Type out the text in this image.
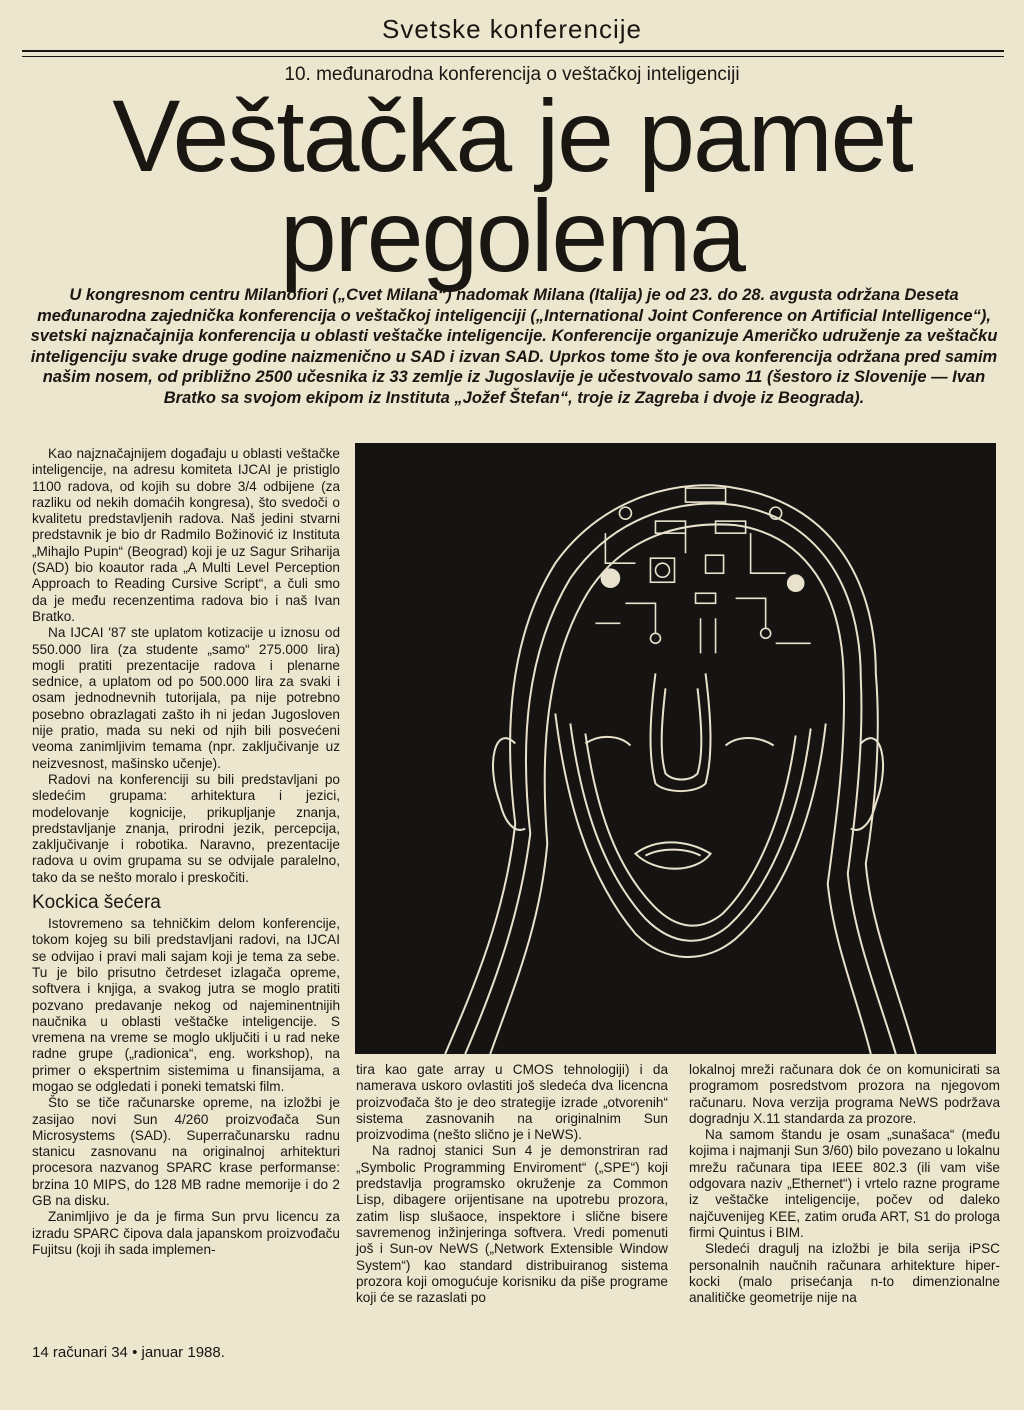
Svetske konferencije
10. međunarodna konferencija o veštačkoj inteligenciji
Veštačka je pamet
pregolema
U kongresnom centru Milanofiori („Cvet Milana“) nadomak Milana (Italija) je od 23. do 28. avgusta održana Deseta međunarodna zajednička konferencija o veštačkoj inteligenciji („International Joint Conference on Artificial Intelligence“), svetski najznačajnija konferencija u oblasti veštačke inteligencije. Konferencije organizuje Američko udruženje za veštačku inteligenciju svake druge godine naizmenično u SAD i izvan SAD. Uprkos tome što je ova konferencija održana pred samim našim nosem, od približno 2500 učesnika iz 33 zemlje iz Jugoslavije je učestvovalo samo 11 (šestoro iz Slovenije — Ivan Bratko sa svojom ekipom iz Instituta „Jožef Štefan“, troje iz Zagreba i dvoje iz Beograda).

Kao najznačajnijem događaju u oblasti veštačke inteligencije, na adresu komiteta IJCAI je pristiglo 1100 radova, od kojih su dobre 3/4 odbijene (za razliku od nekih domaćih kongresa), što svedoči o kvalitetu predstavljenih radova. Naš jedini stvarni predstavnik je bio dr Radmilo Božinović iz Instituta „Mihajlo Pupin“ (Beograd) koji je uz Sagur Sriharija (SAD) bio koautor rada „A Multi Level Perception Approach to Reading Cursive Script“, a čuli smo da je među recenzentima radova bio i naš Ivan Bratko.

Na IJCAI '87 ste uplatom kotizacije u iznosu od 550.000 lira (za studente „samo“ 275.000 lira) mogli pratiti prezentacije radova i plenarne sednice, a uplatom od po 500.000 lira za svaki i osam jednodnevnih tutorijala, pa nije potrebno posebno obrazlagati zašto ih ni jedan Jugosloven nije pratio, mada su neki od njih bili posvećeni veoma zanimljivim temama (npr. zaključivanje uz neizvesnost, mašinsko učenje).

Radovi na konferenciji su bili predstavljani po sledećim grupama: arhitektura i jezici, modelovanje kognicije, prikupljanje znanja, predstavljanje znanja, prirodni jezik, percepcija, zaključivanje i robotika. Naravno, prezentacije radova u ovim grupama su se odvijale paralelno, tako da se nešto moralo i preskočiti.

Kockica šećera

Istovremeno sa tehničkim delom konferencije, tokom kojeg su bili predstavljani radovi, na IJCAI se odvijao i pravi mali sajam koji je tema za sebe. Tu je bilo prisutno četrdeset izlagača opreme, softvera i knjiga, a svakog jutra se moglo pratiti pozvano predavanje nekog od najeminentnijih naučnika u oblasti veštačke inteligencije. S vremena na vreme se moglo uključiti i u rad neke radne grupe („radionica“, eng. workshop), na primer o ekspertnim sistemima u finansijama, a mogao se odgledati i poneki tematski film.

Što se tiče računarske opreme, na izložbi je zasijao novi Sun 4/260 proizvođača Sun Microsystems (SAD). Superračunarsku radnu stanicu zasnovanu na originalnoj arhitekturi procesora nazvanog SPARC krase performanse: brzina 10 MIPS, do 128 MB radne memorije i do 2 GB na disku.

Zanimljivo je da je firma Sun prvu licencu za izradu SPARC čipova dala japanskom proizvođaču Fujitsu (koji ih sada implemen-

tira kao gate array u CMOS tehnologiji) i da namerava uskoro ovlastiti još sledeća dva licencna proizvođača što je deo strategije izrade „otvorenih“ sistema zasnovanih na originalnim Sun proizvodima (nešto slično je i NeWS).

Na radnoj stanici Sun 4 je demonstriran rad „Symbolic Programming Enviroment“ („SPE“) koji predstavlja programsko okruženje za Common Lisp, dibagere orijentisane na upotrebu prozora, zatim lisp slušaoce, inspektore i slične bisere savremenog inžinjeringa softvera. Vredi pomenuti još i Sun-ov NeWS („Network Extensible Window System“) kao standard distribuiranog sistema prozora koji omogućuje korisniku da piše programe koji će se razaslati po

lokalnoj mreži računara dok će on komunicirati sa programom posredstvom prozora na njegovom računaru. Nova verzija programa NeWS podržava dogradnju X.11 standarda za prozore.

Na samom štandu je osam „sunašaca“ (među kojima i najmanji Sun 3/60) bilo povezano u lokalnu mrežu računara tipa IEEE 802.3 (ili vam više odgovara naziv „Ethernet“) i vrtelo razne programe iz veštačke inteligencije, počev od daleko najčuvenijeg KEE, zatim oruđa ART, S1 do prologa firmi Quintus i BIM.

Sledeći dragulj na izložbi je bila serija iPSC personalnih naučnih računara arhitekture hiper-kocki (malo prisećanja n-to dimenzionalne analitičke geometrije nije na

14 računari 34 • januar 1988.
